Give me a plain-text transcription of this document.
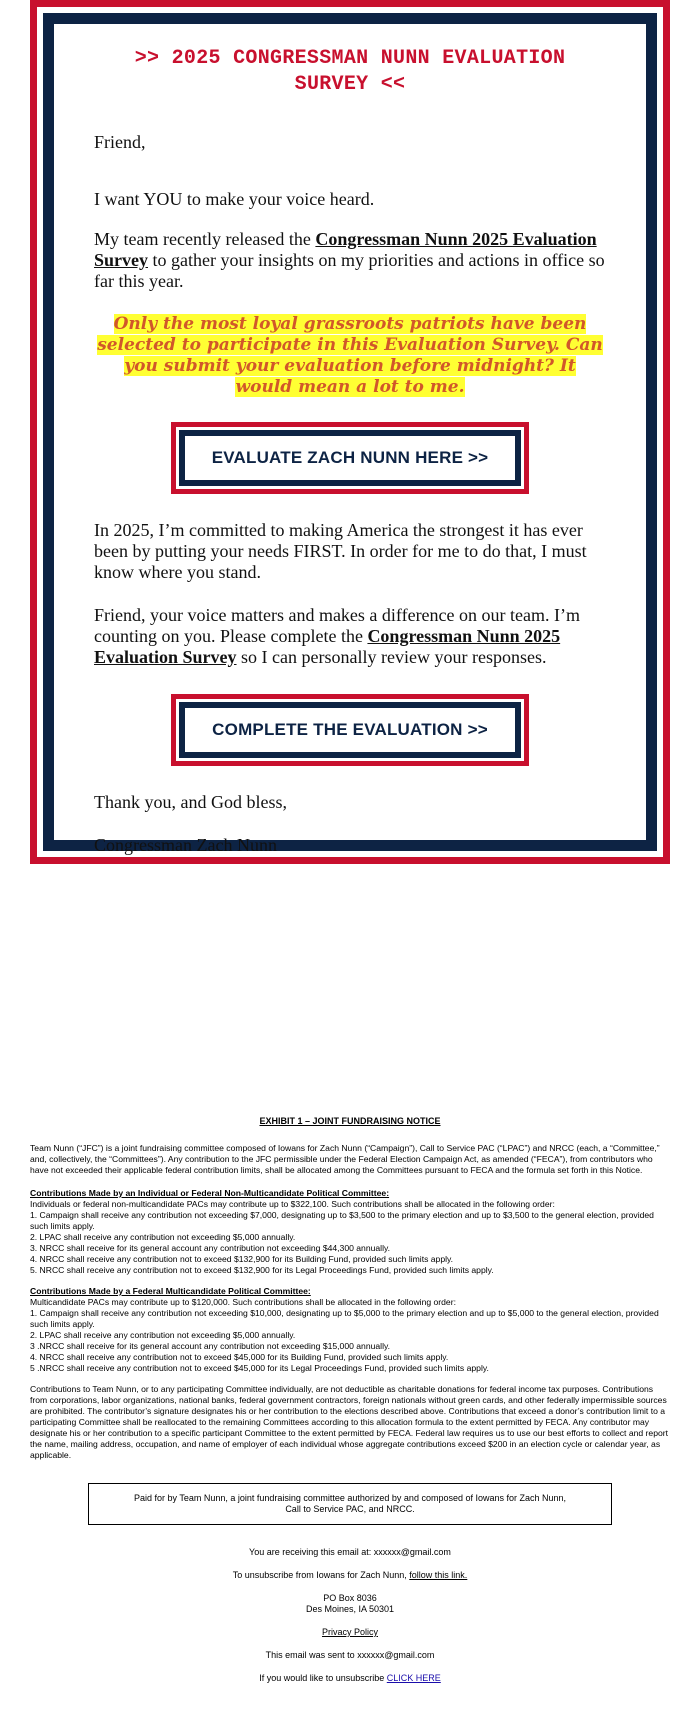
>> 2025 CONGRESSMAN NUNN EVALUATION SURVEY <<

Friend,

I want YOU to make your voice heard.

My team recently released the Congressman Nunn 2025 Evaluation Survey to gather your insights on my priorities and actions in office so far this year.

Only the most loyal grassroots patriots have been selected to participate in this Evaluation Survey. Can you submit your evaluation before midnight? It would mean a lot to me.

EVALUATE ZACH NUNN HERE >>

In 2025, I’m committed to making America the strongest it has ever been by putting your needs FIRST. In order for me to do that, I must know where you stand.

Friend, your voice matters and makes a difference on our team. I’m counting on you. Please complete the Congressman Nunn 2025 Evaluation Survey so I can personally review your responses.

COMPLETE THE EVALUATION >>

Thank you, and God bless,

Congressman Zach Nunn

EXHIBIT 1 – JOINT FUNDRAISING NOTICE
Team Nunn (“JFC”) is a joint fundraising committee composed of Iowans for Zach Nunn (“Campaign”), Call to Service PAC (“LPAC”) and NRCC (each, a “Committee,” and, collectively, the “Committees”). Any contribution to the JFC permissible under the Federal Election Campaign Act, as amended (“FECA”), from contributors who have not exceeded their applicable federal contribution limits, shall be allocated among the Committees pursuant to FECA and the formula set forth in this Notice.
Contributions Made by an Individual or Federal Non-Multicandidate Political Committee:
Individuals or federal non-multicandidate PACs may contribute up to $322,100. Such contributions shall be allocated in the following order:
1. Campaign shall receive any contribution not exceeding $7,000, designating up to $3,500 to the primary election and up to $3,500 to the general election, provided such limits apply.
2. LPAC shall receive any contribution not exceeding $5,000 annually.
3. NRCC shall receive for its general account any contribution not exceeding $44,300 annually.
4. NRCC shall receive any contribution not to exceed $132,900 for its Building Fund, provided such limits apply.
5. NRCC shall receive any contribution not to exceed $132,900 for its Legal Proceedings Fund, provided such limits apply.
Contributions Made by a Federal Multicandidate Political Committee:
Multicandidate PACs may contribute up to $120,000. Such contributions shall be allocated in the following order:
1. Campaign shall receive any contribution not exceeding $10,000, designating up to $5,000 to the primary election and up to $5,000 to the general election, provided such limits apply.
2. LPAC shall receive any contribution not exceeding $5,000 annually.
3 .NRCC shall receive for its general account any contribution not exceeding $15,000 annually.
4. NRCC shall receive any contribution not to exceed $45,000 for its Building Fund, provided such limits apply.
5 .NRCC shall receive any contribution not to exceed $45,000 for its Legal Proceedings Fund, provided such limits apply.
Contributions to Team Nunn, or to any participating Committee individually, are not deductible as charitable donations for federal income tax purposes. Contributions from corporations, labor organizations, national banks, federal government contractors, foreign nationals without green cards, and other federally impermissible sources are prohibited. The contributor’s signature designates his or her contribution to the elections described above. Contributions that exceed a donor’s contribution limit to a participating Committee shall be reallocated to the remaining Committees according to this allocation formula to the extent permitted by FECA. Any contributor may designate his or her contribution to a specific participant Committee to the extent permitted by FECA. Federal law requires us to use our best efforts to collect and report the name, mailing address, occupation, and name of employer of each individual whose aggregate contributions exceed $200 in an election cycle or calendar year, as applicable.
Paid for by Team Nunn, a joint fundraising committee authorized by and composed of Iowans for Zach Nunn, Call to Service PAC, and NRCC.
You are receiving this email at: xxxxxx@gmail.com
To unsubscribe from Iowans for Zach Nunn, follow this link.
PO Box 8036
Des Moines, IA 50301
Privacy Policy
This email was sent to xxxxxx@gmail.com
If you would like to unsubscribe CLICK HERE
